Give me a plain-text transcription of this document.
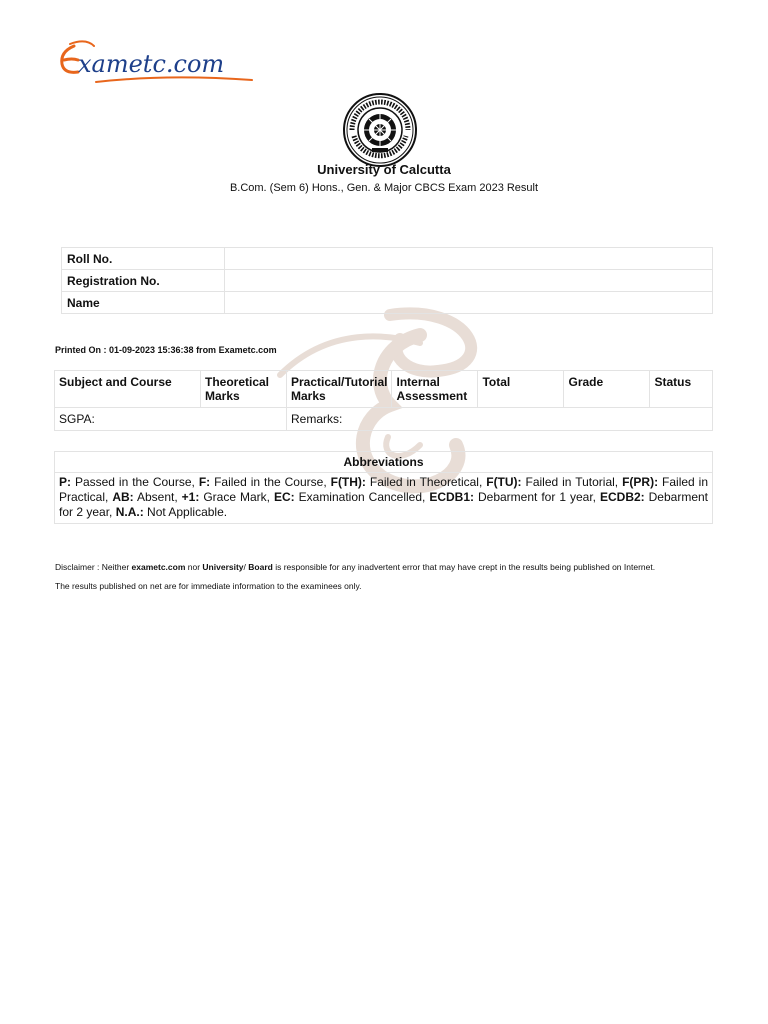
xametc.com
University of Calcutta
B.Com. (Sem 6) Hons., Gen. & Major CBCS Exam 2023 Result
Roll No.	
Registration No.	
Name	
Printed On : 01-09-2023 15:36:38 from Exametc.com
Subject and Course	Theoretical Marks	Practical/Tutorial Marks	Internal Assessment	Total	Grade	Status
SGPA:		Remarks:				
Abbreviations
P: Passed in the Course, F: Failed in the Course, F(TH): Failed in Theoretical, F(TU): Failed in Tutorial, F(PR): Failed in Practical, AB: Absent, +1: Grace Mark, EC: Examination Cancelled, ECDB1: Debarment for 1 year, ECDB2: Debarment for 2 year, N.A.: Not Applicable.
Disclaimer : Neither exametc.com nor University/ Board is responsible for any inadvertent error that may have crept in the results being published on Internet.
The results published on net are for immediate information to the examinees only.
